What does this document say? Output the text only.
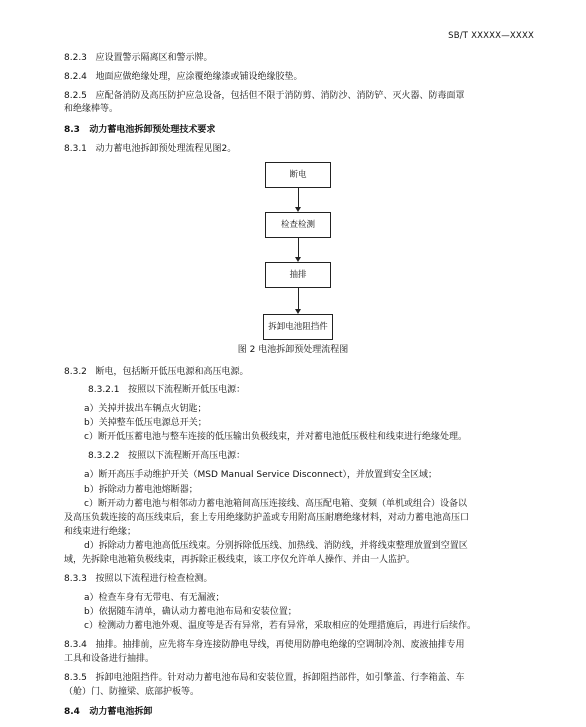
SB/T XXXXX—XXXX
8.2.3 应设置警示隔离区和警示牌。
8.2.4 地面应做绝缘处理，应涂覆绝缘漆或铺设绝缘胶垫。
8.2.5 应配备消防及高压防护应急设备，包括但不限于消防剪、消防沙、消防铲、灭火器、防毒面罩
和绝缘棒等。
8.3 动力蓄电池拆卸预处理技术要求
8.3.1 动力蓄电池拆卸预处理流程见图2。
断电
检查检测
抽排
拆卸电池阻挡件
图 2 电池拆卸预处理流程图
8.3.2 断电，包括断开低压电源和高压电源。
8.3.2.1 按照以下流程断开低压电源：
a）关掉并拔出车辆点火钥匙；
b）关掉整车低压电源总开关；
c）断开低压蓄电池与整车连接的低压输出负极线束，并对蓄电池低压极柱和线束进行绝缘处理。
8.3.2.2 按照以下流程断开高压电源：
a）断开高压手动维护开关（MSD Manual Service Disconnect），并放置到安全区域；
b）拆除动力蓄电池熔断器；
c）断开动力蓄电池与相邻动力蓄电池箱间高压连接线、高压配电箱、变频（单机或组合）设备以
及高压负载连接的高压线束后，套上专用绝缘防护盖或专用附高压耐磨绝缘材料，对动力蓄电池高压口
和线束进行绝缘；
d）拆除动力蓄电池高低压线束。分别拆除低压线、加热线、消防线，并将线束整理放置到空置区
域，先拆除电池箱负极线束，再拆除正极线束，该工序仅允许单人操作、并由一人监护。
8.3.3 按照以下流程进行检查检测。
a）检查车身有无带电、有无漏液；
b）依据随车清单，确认动力蓄电池布局和安装位置；
c）检测动力蓄电池外观、温度等是否有异常，若有异常，采取相应的处理措施后，再进行后续作。
8.3.4 抽排。抽排前，应先将车身连接防静电导线，再使用防静电绝缘的空调制冷剂、废液抽排专用
工具和设备进行抽排。
8.3.5 拆卸电池阻挡件。针对动力蓄电池布局和安装位置，拆卸阻挡部件，如引擎盖、行李箱盖、车
（舱）门、防撞梁、底部护板等。
8.4 动力蓄电池拆卸
